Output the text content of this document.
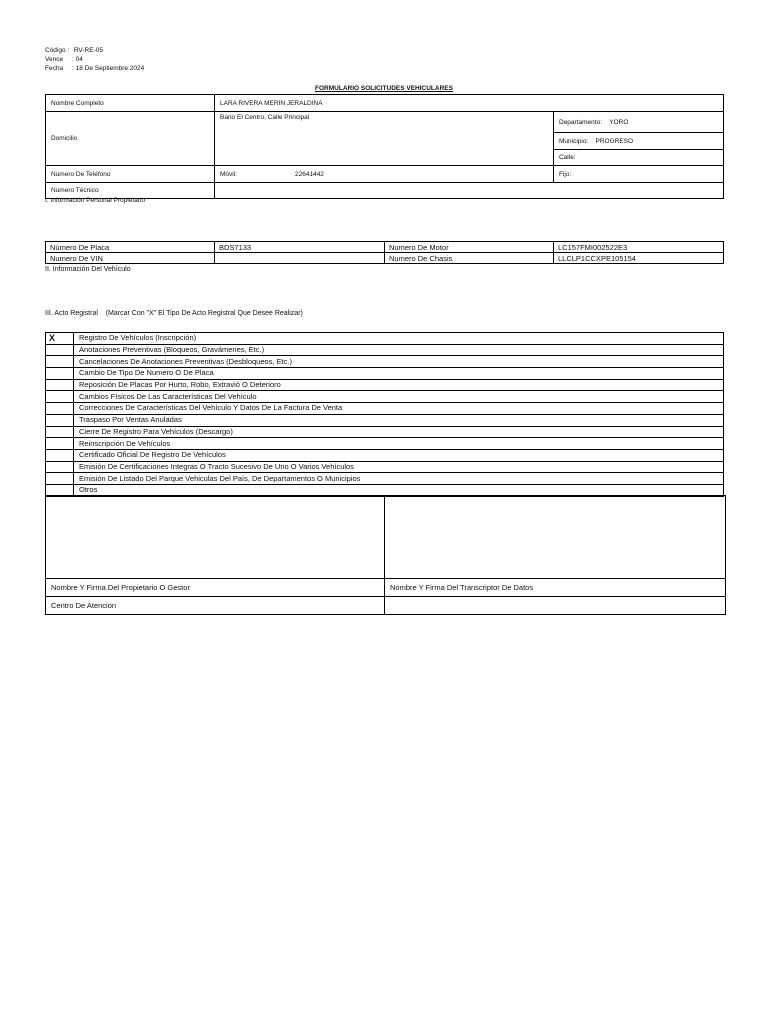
Código :
RV-RE-05
Vence	: 04
Fecha	: 18 De Septiembre 2024
FORMULARIO SOLICITUDES VEHICULARES
Nombre Completo	LARA RIVERA MERIN JERALDINA	
Domicilio	Bario El Centro, Calle Principal	Departamento: YORO
		Municipio: PROGRESO
		Calle:
Numero De Teléfono	Móvil: 22641442	Fijo:
Numero Técnico		
I. Información Personal Propietario
Número De Placa	BDS7133	Numero De Motor	LC157FMI002522E3
Numero De VIN		Numero De Chasis	LLCLP1CCXPE105154
II. Información Del Vehículo
III. Acto Registral (Marcar Con "X" El Tipo De Acto Registral Que Desee Realizar)
X	Registro De Vehículos (Inscripción)
	Anotaciones Preventivas (Bloqueos, Gravámenes, Etc.)
	Cancelaciones De Anotaciones Preventivas (Desbloqueos, Etc.)
	Cambio De Tipo De Numero O De Placa
	Reposición De Placas Por Hurto, Robo, Extravió O Deterioro
	Cambios Físicos De Las Características Del Vehículo
	Correcciones De Características Del Vehículo Y Datos De La Factura De Venta
	Traspaso Por Ventas Anuladas
	Cierre De Registro Para Vehículos (Descargo)
	Reinscripción De Vehículos
	Certificado Oficial De Registro De Vehículos
	Emisión De Certificaciones Integras O Tracto Sucesivo De Uno O Varios Vehículos
	Emisión De Listado Del Parque Vehiculas Del País, De Departamentos O Municipios
	Otros

Nombre Y Firma Del Propietario O Gestor	Nombre Y Firma Del Transcriptor De Datos
Centro De Atencion	
